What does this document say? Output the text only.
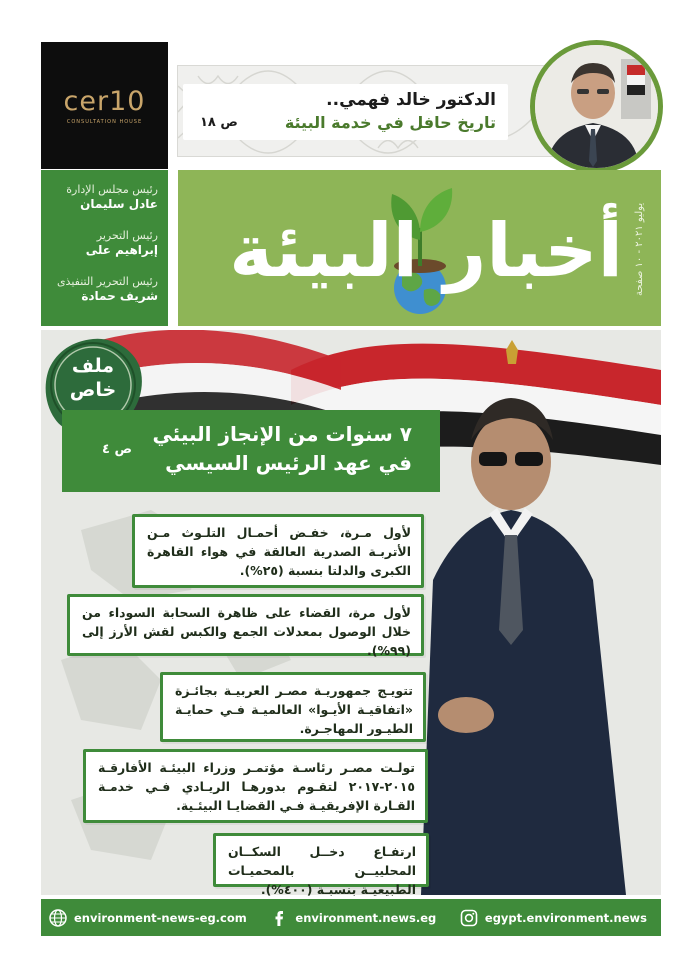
cer10
CONSULTATION HOUSE
الدكتور خالد فهمي..
تاريخ حافل في خدمة البيئة
ص ١٨
رئيس مجلس الإدارة
عادل سليمان
رئيس التحرير
إبراهيم على
رئيس التحرير التنفيذى
شريف حمادة
أخبار البيئة يوليو ٢٠٢١ - ١٠ صفحة
ملف
خاص
٧ سنوات من الإنجاز البيئي
في عهد الرئيس السيسي
ص ٤
لأول مـرة، خفـض أحمـال التلـوث مـن الأتربـة الصدرية العالقة في هواء القاهرة الكبرى والدلتا بنسبة (٢٥%).
لأول مرة، القضاء على ظاهرة السحابة السوداء من خلال الوصول بمعدلات الجمع والكبس لقش الأرز إلى (٩٩%).
تتويـج جمهوريـة مصـر العربيـة بجائـزة «اتفاقيـة الأيـوا» العالميـة فـي حمايـة الطيـور المهاجـرة.
تولـت مصـر رئاسـة مؤتمـر وزراء البيئـة الأفارقـة ٢٠١٥-٢٠١٧ لتقـوم بدورهـا الريـادي فـي خدمـة القـارة الإفريقيـة فـي القضايـا البيئـية.
ارتفـاع دخــل السكــان المحلييــن بالمحميـات الطبيعيـة بنسبـة (٤٠٠%).
environment-news-eg.com	environment.news.eg	egypt.environment.news
